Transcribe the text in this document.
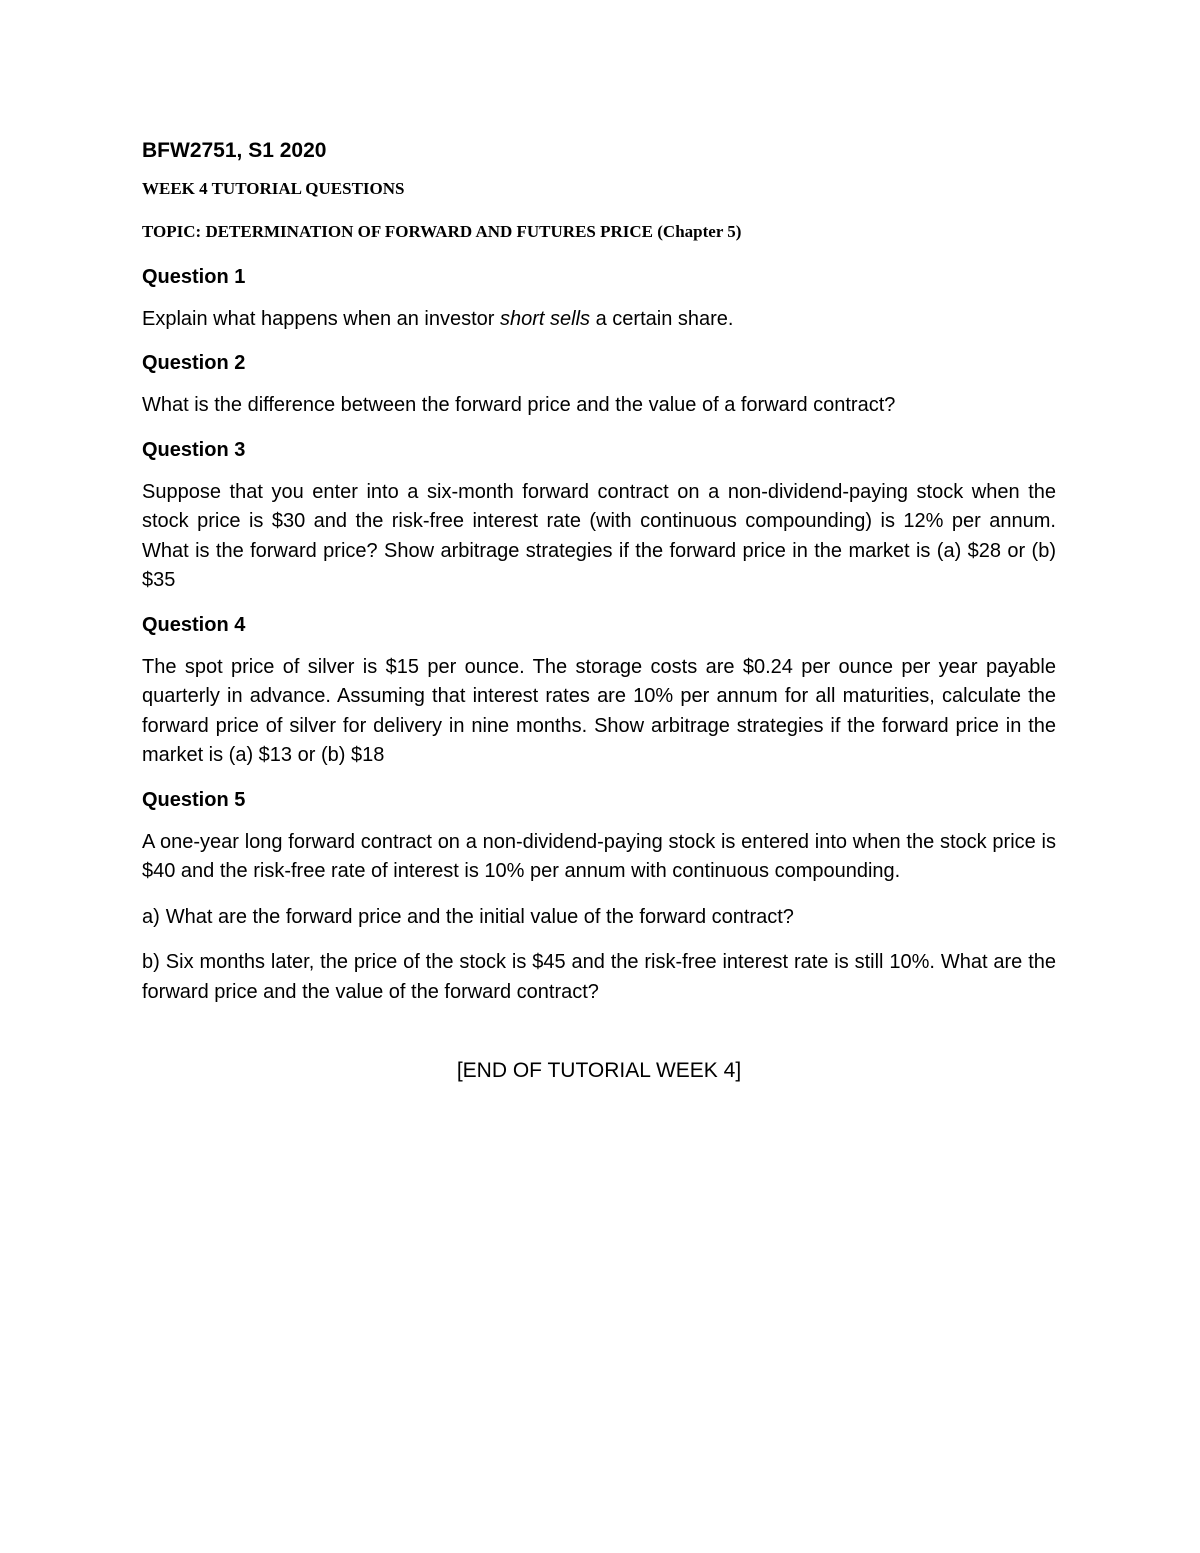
BFW2751, S1 2020
WEEK 4 TUTORIAL QUESTIONS
TOPIC: DETERMINATION OF FORWARD AND FUTURES PRICE (Chapter 5)
Question 1

Explain what happens when an investor short sells a certain share.

Question 2

What is the difference between the forward price and the value of a forward contract?

Question 3

Suppose that you enter into a six-month forward contract on a non-dividend-paying stock when the stock price is $30 and the risk-free interest rate (with continuous compounding) is 12% per annum. What is the forward price? Show arbitrage strategies if the forward price in the market is (a) $28 or (b) $35

Question 4

The spot price of silver is $15 per ounce. The storage costs are $0.24 per ounce per year payable quarterly in advance. Assuming that interest rates are 10% per annum for all maturities, calculate the forward price of silver for delivery in nine months. Show arbitrage strategies if the forward price in the market is (a) $13 or (b) $18

Question 5

A one-year long forward contract on a non-dividend-paying stock is entered into when the stock price is $40 and the risk-free rate of interest is 10% per annum with continuous compounding.

a) What are the forward price and the initial value of the forward contract?

b) Six months later, the price of the stock is $45 and the risk-free interest rate is still 10%. What are the forward price and the value of the forward contract?

[END OF TUTORIAL WEEK 4]
